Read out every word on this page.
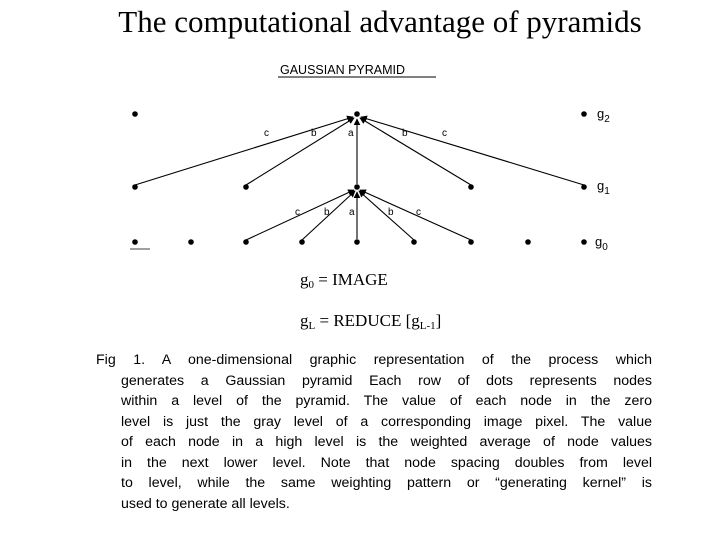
The computational advantage of pyramids
GAUSSIAN PYRAMID
c	b	a	b	c
c b a	b c
$g_2$
$g_1$
$g_0$
$g_0$ = IMAGE
$g_L$ = REDUCE $[g_{L-1}]$
Fig 1. A one-dimensional graphic representation of the process which
generates a Gaussian pyramid Each row of dots represents nodes
within a level of the pyramid. The value of each node in the zero
level is just the gray level of a corresponding image pixel. The value
of each node in a high level is the weighted average of node values
in the next lower level. Note that node spacing doubles from level
to level, while the same weighting pattern or “generating kernel” is
used to generate all levels.
